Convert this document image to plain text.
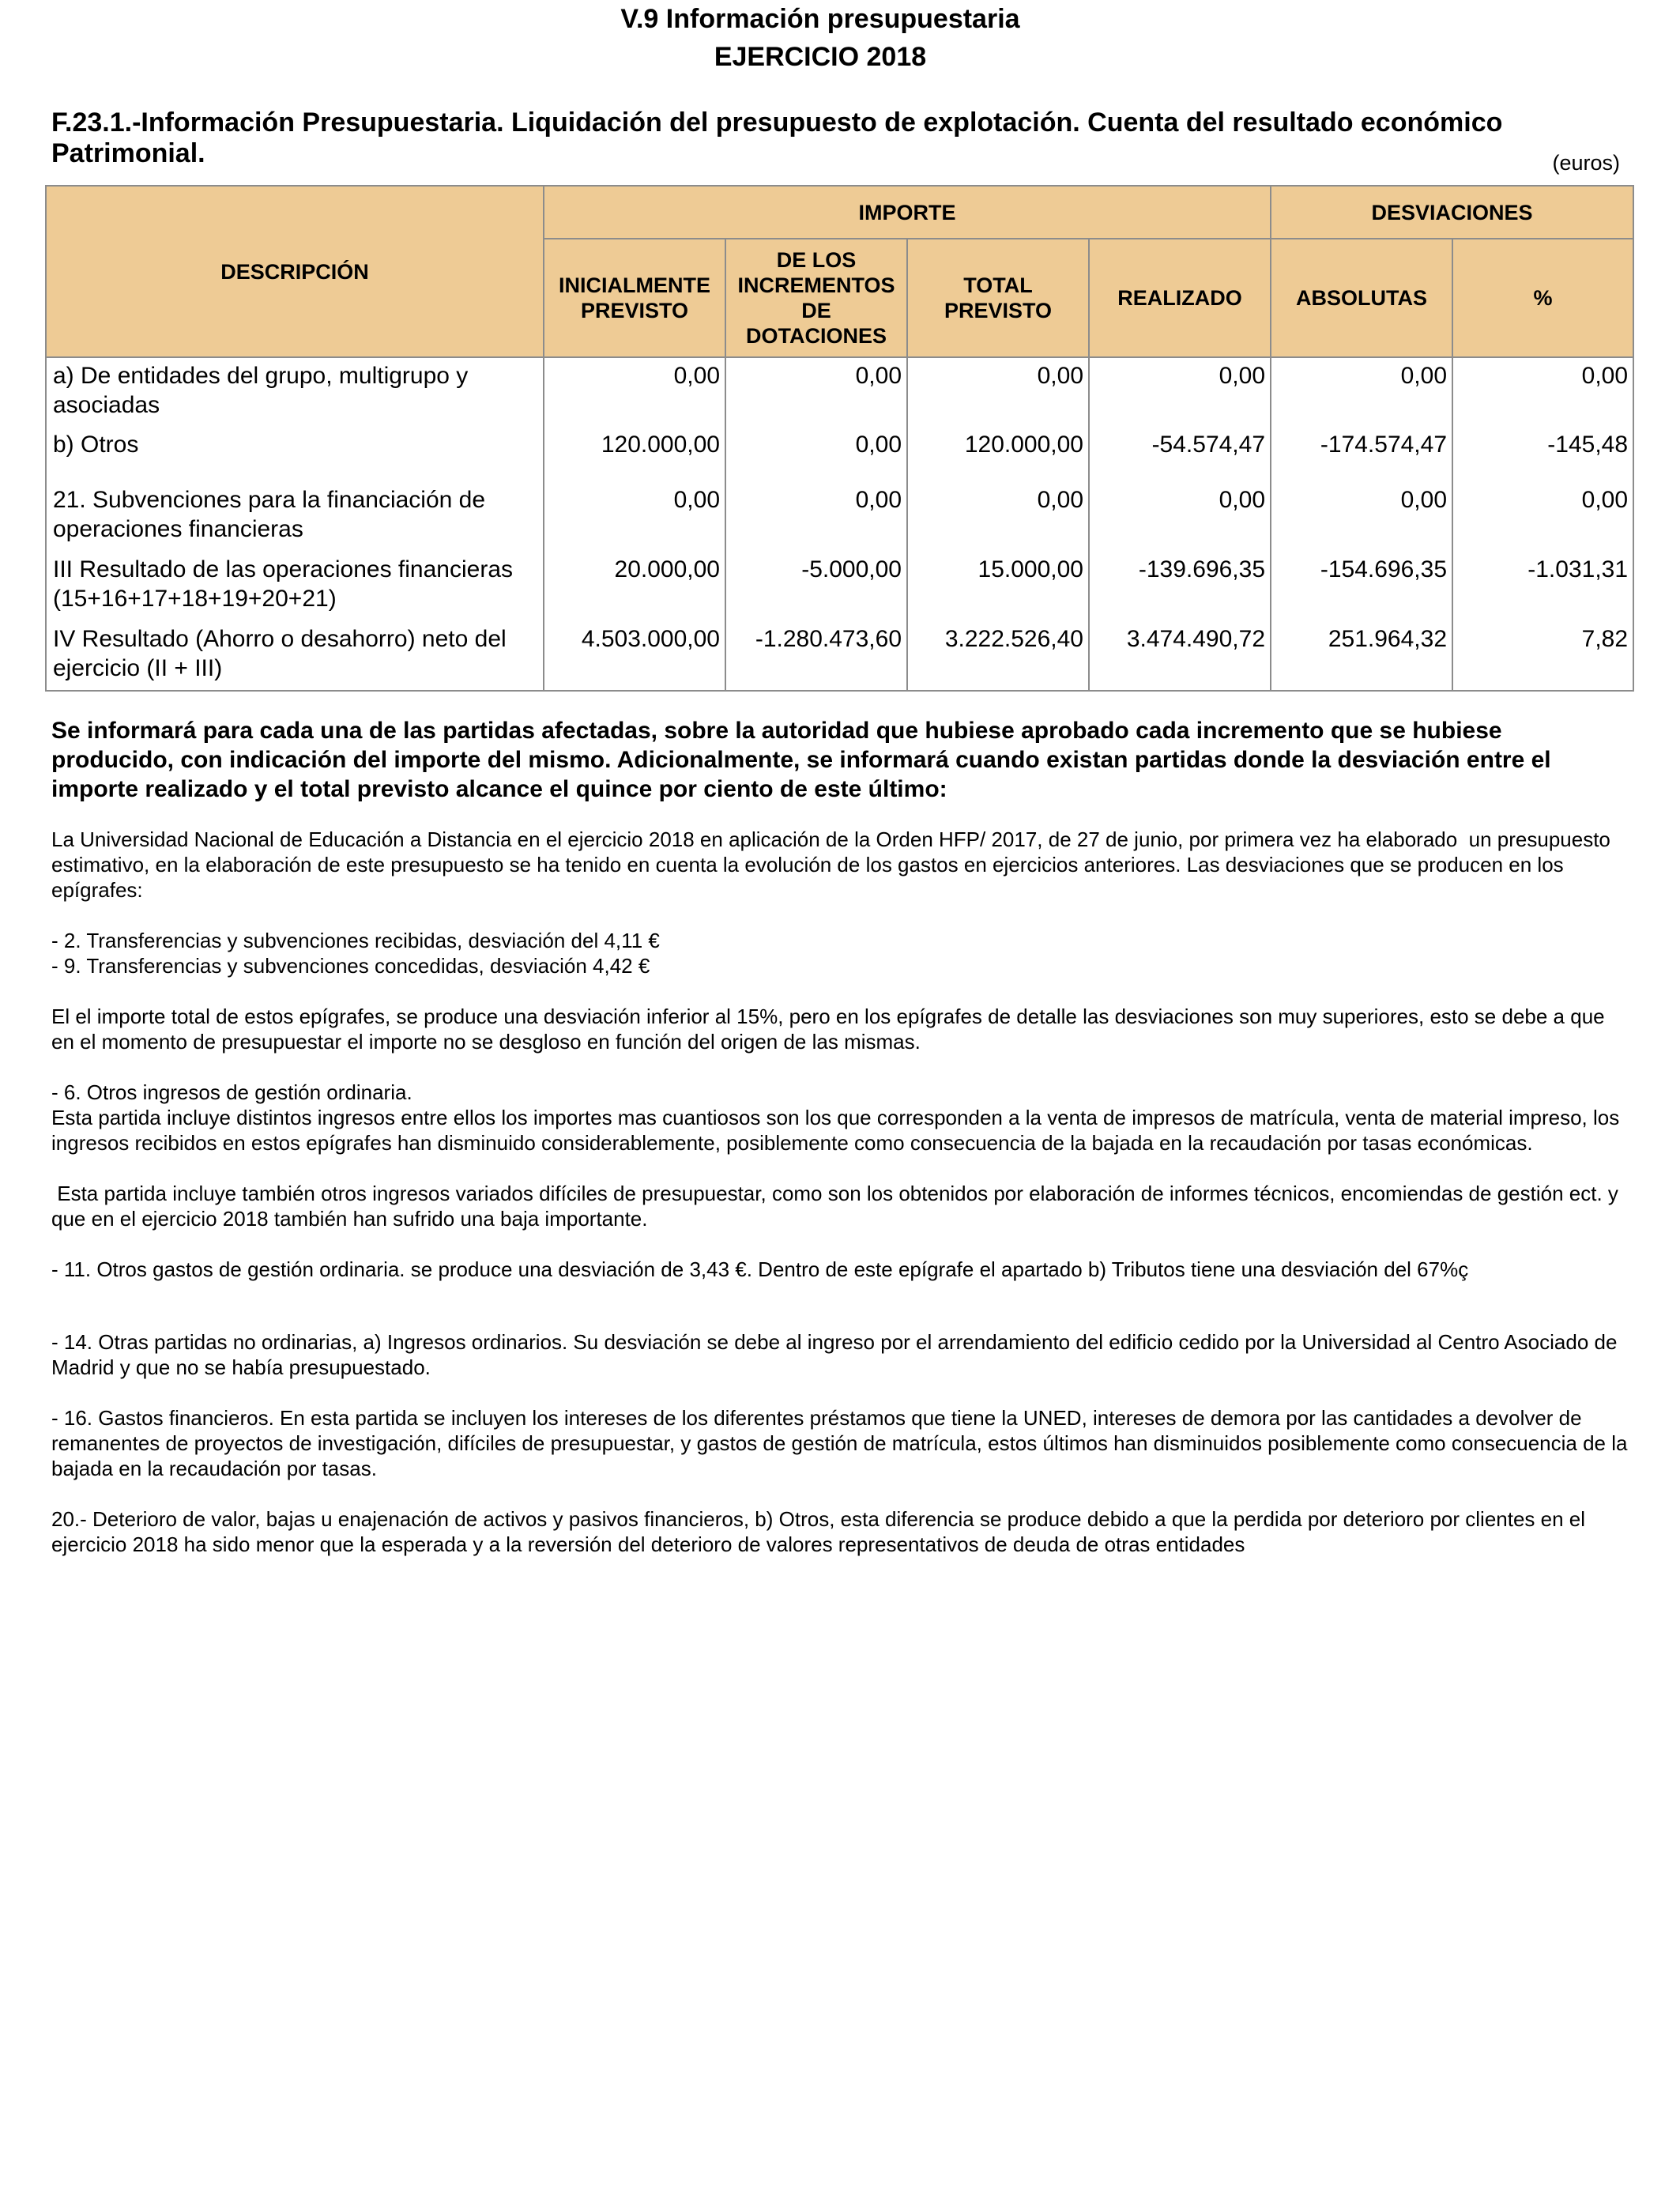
V.9 Información presupuestaria
EJERCICIO 2018
F.23.1.-Información Presupuestaria. Liquidación del presupuesto de explotación. Cuenta del resultado económico Patrimonial.	(euros)
DESCRIPCIÓN	IMPORTE				DESVIACIONES	
	INICIALMENTE PREVISTO	DE LOS INCREMENTOS DE DOTACIONES	TOTAL PREVISTO	REALIZADO	ABSOLUTAS	%
a) De entidades del grupo, multigrupo y asociadas	0,00	0,00	0,00	0,00	0,00	0,00
b) Otros	120.000,00	0,00	120.000,00	-54.574,47	-174.574,47	-145,48
21. Subvenciones para la financiación de operaciones financieras	0,00	0,00	0,00	0,00	0,00	0,00
III Resultado de las operaciones financieras (15+16+17+18+19+20+21)	20.000,00	-5.000,00	15.000,00	-139.696,35	-154.696,35	-1.031,31
IV Resultado (Ahorro o desahorro) neto del ejercicio (II + III)	4.503.000,00	-1.280.473,60	3.222.526,40	3.474.490,72	251.964,32	7,82
Se informará para cada una de las partidas afectadas, sobre la autoridad que hubiese aprobado cada incremento que se hubiese producido, con indicación del importe del mismo. Adicionalmente, se informará cuando existan partidas donde la desviación entre el importe realizado y el total previsto alcance el quince por ciento de este último:

La Universidad Nacional de Educación a Distancia en el ejercicio 2018 en aplicación de la Orden HFP/ 2017, de 27 de junio, por primera vez ha elaborado  un presupuesto estimativo, en la elaboración de este presupuesto se ha tenido en cuenta la evolución de los gastos en ejercicios anteriores. Las desviaciones que se producen en los epígrafes:

- 2. Transferencias y subvenciones recibidas, desviación del 4,11 €
- 9. Transferencias y subvenciones concedidas, desviación 4,42 €

El el importe total de estos epígrafes, se produce una desviación inferior al 15%, pero en los epígrafes de detalle las desviaciones son muy superiores, esto se debe a que en el momento de presupuestar el importe no se desgloso en función del origen de las mismas.

- 6. Otros ingresos de gestión ordinaria.
Esta partida incluye distintos ingresos entre ellos los importes mas cuantiosos son los que corresponden a la venta de impresos de matrícula, venta de material impreso, los ingresos recibidos en estos epígrafes han disminuido considerablemente, posiblemente como consecuencia de la bajada en la recaudación por tasas económicas.

Esta partida incluye también otros ingresos variados difíciles de presupuestar, como son los obtenidos por elaboración de informes técnicos, encomiendas de gestión ect. y que en el ejercicio 2018 también han sufrido una baja importante.

- 11. Otros gastos de gestión ordinaria. se produce una desviación de 3,43 €. Dentro de este epígrafe el apartado b) Tributos tiene una desviación del 67%ç

- 14. Otras partidas no ordinarias, a) Ingresos ordinarios. Su desviación se debe al ingreso por el arrendamiento del edificio cedido por la Universidad al Centro Asociado de Madrid y que no se había presupuestado.

- 16. Gastos financieros. En esta partida se incluyen los intereses de los diferentes préstamos que tiene la UNED, intereses de demora por las cantidades a devolver de remanentes de proyectos de investigación, difíciles de presupuestar, y gastos de gestión de matrícula, estos últimos han disminuidos posiblemente como consecuencia de la bajada en la recaudación por tasas.

20.- Deterioro de valor, bajas u enajenación de activos y pasivos financieros, b) Otros, esta diferencia se produce debido a que la perdida por deterioro por clientes en el ejercicio 2018 ha sido menor que la esperada y a la reversión del deterioro de valores representativos de deuda de otras entidades
